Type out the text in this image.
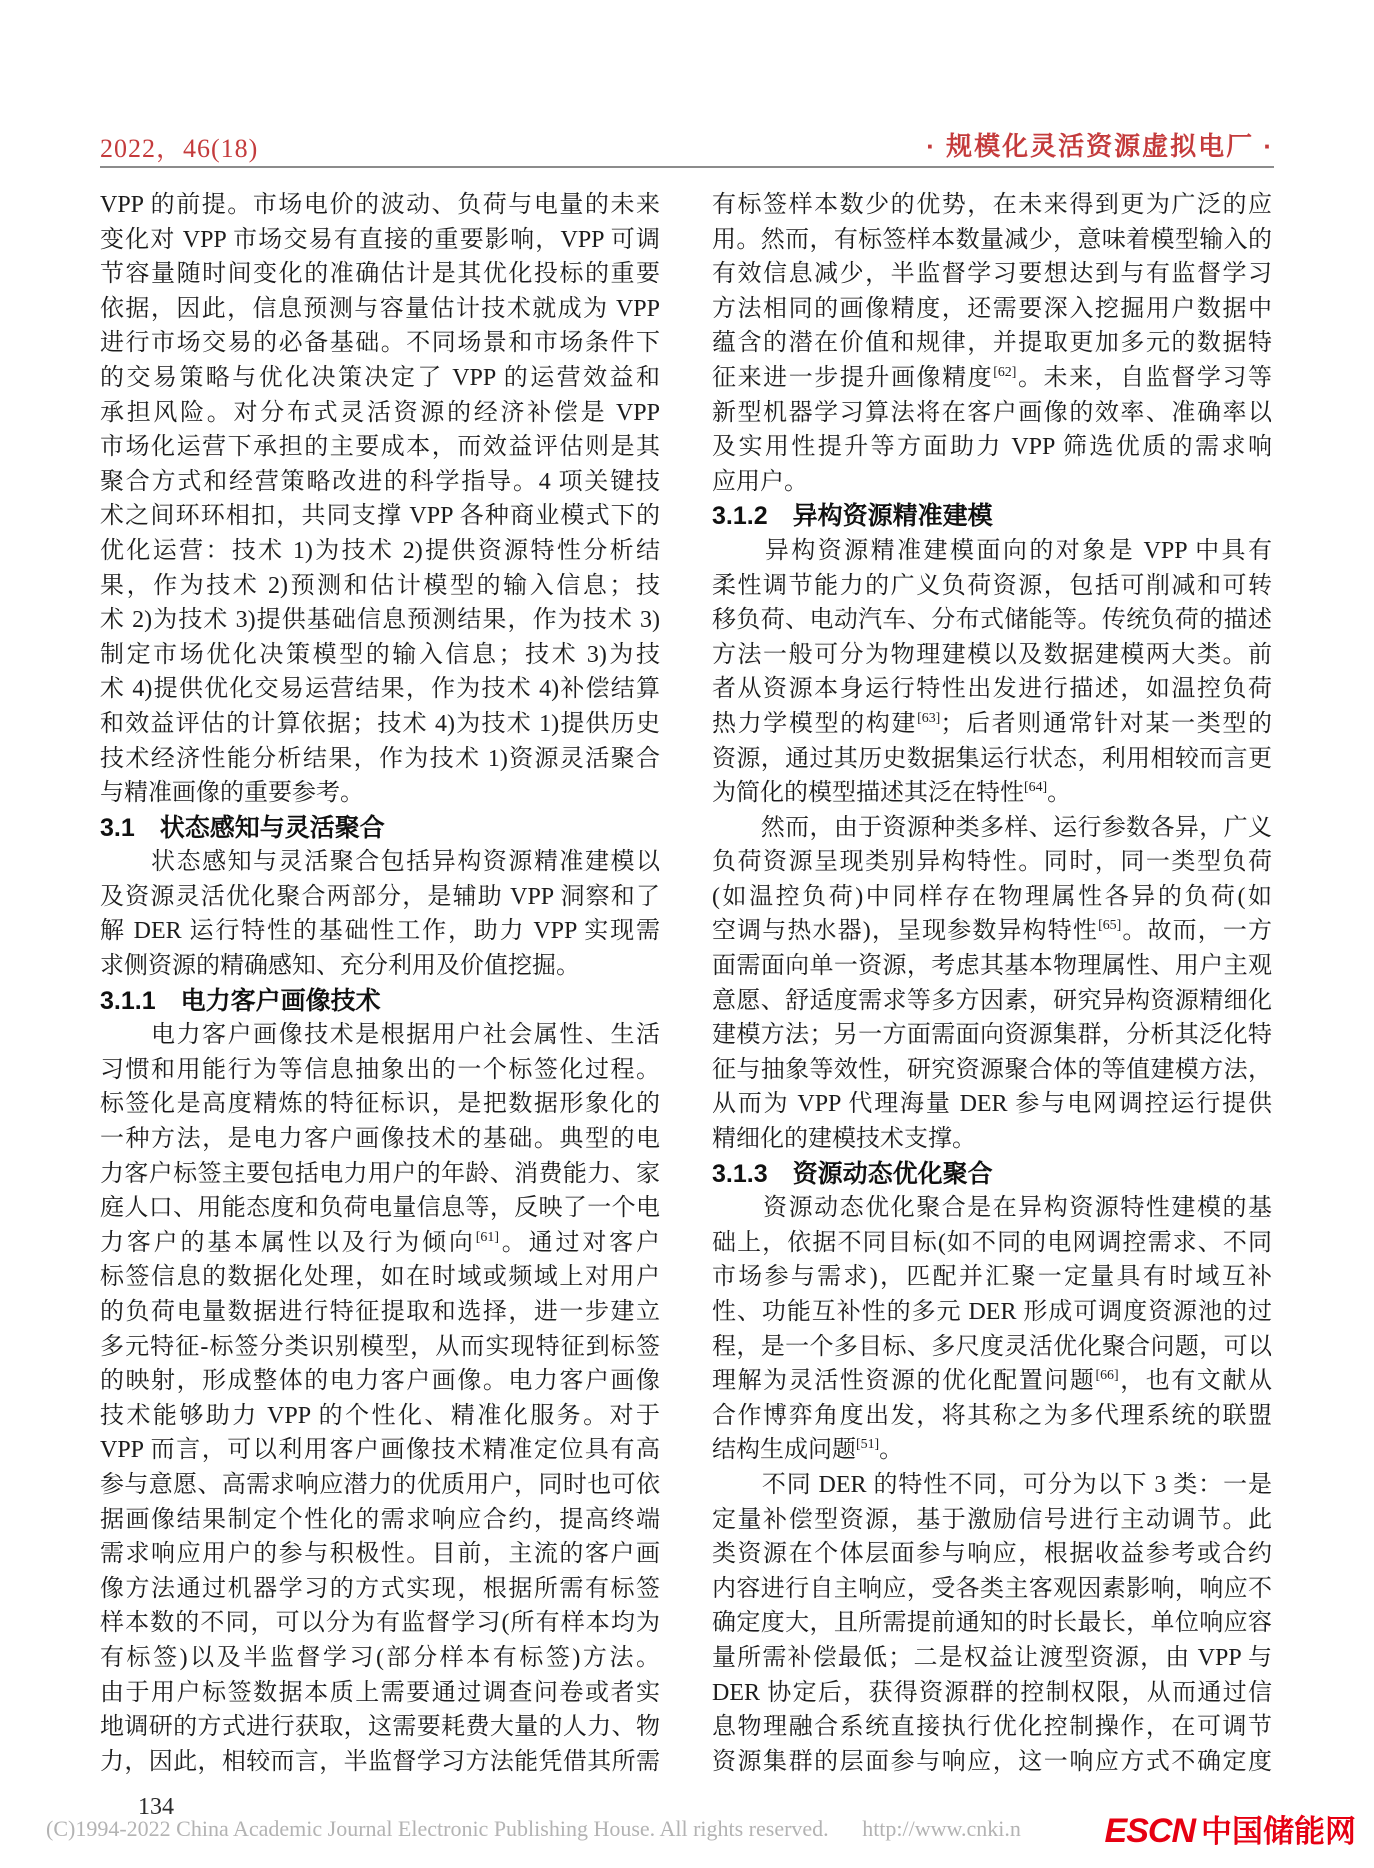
2022，46(18)	· 规模化灵活资源虚拟电厂 ·
VPP 的前提。市场电价的波动、负荷与电量的未来
变化对 VPP 市场交易有直接的重要影响，VPP 可调
节容量随时间变化的准确估计是其优化投标的重要
依据，因此，信息预测与容量估计技术就成为 VPP
进行市场交易的必备基础。不同场景和市场条件下
的交易策略与优化决策决定了 VPP 的运营效益和
承担风险。对分布式灵活资源的经济补偿是 VPP
市场化运营下承担的主要成本，而效益评估则是其
聚合方式和经营策略改进的科学指导。4 项关键技
术之间环环相扣，共同支撑 VPP 各种商业模式下的
优化运营：技术 1)为技术 2)提供资源特性分析结
果，作为技术 2)预测和估计模型的输入信息；技
术 2)为技术 3)提供基础信息预测结果，作为技术 3)
制定市场优化决策模型的输入信息；技术 3)为技
术 4)提供优化交易运营结果，作为技术 4)补偿结算
和效益评估的计算依据；技术 4)为技术 1)提供历史
技术经济性能分析结果，作为技术 1)资源灵活聚合
与精准画像的重要参考。
3.1　状态感知与灵活聚合
　　状态感知与灵活聚合包括异构资源精准建模以
及资源灵活优化聚合两部分，是辅助 VPP 洞察和了
解 DER 运行特性的基础性工作，助力 VPP 实现需
求侧资源的精确感知、充分利用及价值挖掘。
3.1.1　电力客户画像技术
　　电力客户画像技术是根据用户社会属性、生活
习惯和用能行为等信息抽象出的一个标签化过程。
标签化是高度精炼的特征标识，是把数据形象化的
一种方法，是电力客户画像技术的基础。典型的电
力客户标签主要包括电力用户的年龄、消费能力、家
庭人口、用能态度和负荷电量信息等，反映了一个电
力客户的基本属性以及行为倾向[61]。通过对客户
标签信息的数据化处理，如在时域或频域上对用户
的负荷电量数据进行特征提取和选择，进一步建立
多元特征-标签分类识别模型，从而实现特征到标签
的映射，形成整体的电力客户画像。电力客户画像
技术能够助力 VPP 的个性化、精准化服务。对于
VPP 而言，可以利用客户画像技术精准定位具有高
参与意愿、高需求响应潜力的优质用户，同时也可依
据画像结果制定个性化的需求响应合约，提高终端
需求响应用户的参与积极性。目前，主流的客户画
像方法通过机器学习的方式实现，根据所需有标签
样本数的不同，可以分为有监督学习(所有样本均为
有标签)以及半监督学习(部分样本有标签)方法。
由于用户标签数据本质上需要通过调查问卷或者实
地调研的方式进行获取，这需要耗费大量的人力、物
力，因此，相较而言，半监督学习方法能凭借其所需
有标签样本数少的优势，在未来得到更为广泛的应
用。然而，有标签样本数量减少，意味着模型输入的
有效信息减少，半监督学习要想达到与有监督学习
方法相同的画像精度，还需要深入挖掘用户数据中
蕴含的潜在价值和规律，并提取更加多元的数据特
征来进一步提升画像精度[62]。未来，自监督学习等
新型机器学习算法将在客户画像的效率、准确率以
及实用性提升等方面助力 VPP 筛选优质的需求响
应用户。
3.1.2　异构资源精准建模
　　异构资源精准建模面向的对象是 VPP 中具有
柔性调节能力的广义负荷资源，包括可削减和可转
移负荷、电动汽车、分布式储能等。传统负荷的描述
方法一般可分为物理建模以及数据建模两大类。前
者从资源本身运行特性出发进行描述，如温控负荷
热力学模型的构建[63]；后者则通常针对某一类型的
资源，通过其历史数据集运行状态，利用相较而言更
为简化的模型描述其泛在特性[64]。
　　然而，由于资源种类多样、运行参数各异，广义
负荷资源呈现类别异构特性。同时，同一类型负荷
(如温控负荷)中同样存在物理属性各异的负荷(如
空调与热水器)，呈现参数异构特性[65]。故而，一方
面需面向单一资源，考虑其基本物理属性、用户主观
意愿、舒适度需求等多方因素，研究异构资源精细化
建模方法；另一方面需面向资源集群，分析其泛化特
征与抽象等效性，研究资源聚合体的等值建模方法，
从而为 VPP 代理海量 DER 参与电网调控运行提供
精细化的建模技术支撑。
3.1.3　资源动态优化聚合
　　资源动态优化聚合是在异构资源特性建模的基
础上，依据不同目标(如不同的电网调控需求、不同
市场参与需求)，匹配并汇聚一定量具有时域互补
性、功能互补性的多元 DER 形成可调度资源池的过
程，是一个多目标、多尺度灵活优化聚合问题，可以
理解为灵活性资源的优化配置问题[66]，也有文献从
合作博弈角度出发，将其称之为多代理系统的联盟
结构生成问题[51]。
　　不同 DER 的特性不同，可分为以下 3 类：一是
定量补偿型资源，基于激励信号进行主动调节。此
类资源在个体层面参与响应，根据收益参考或合约
内容进行自主响应，受各类主客观因素影响，响应不
确定度大，且所需提前通知的时长最长，单位响应容
量所需补偿最低；二是权益让渡型资源，由 VPP 与
DER 协定后，获得资源群的控制权限，从而通过信
息物理融合系统直接执行优化控制操作，在可调节
资源集群的层面参与响应，这一响应方式不确定度
134
(C)1994-2022 China Academic Journal Electronic Publishing House. All rights reserved. http://www.cnki.n ESCN 中国储能网
